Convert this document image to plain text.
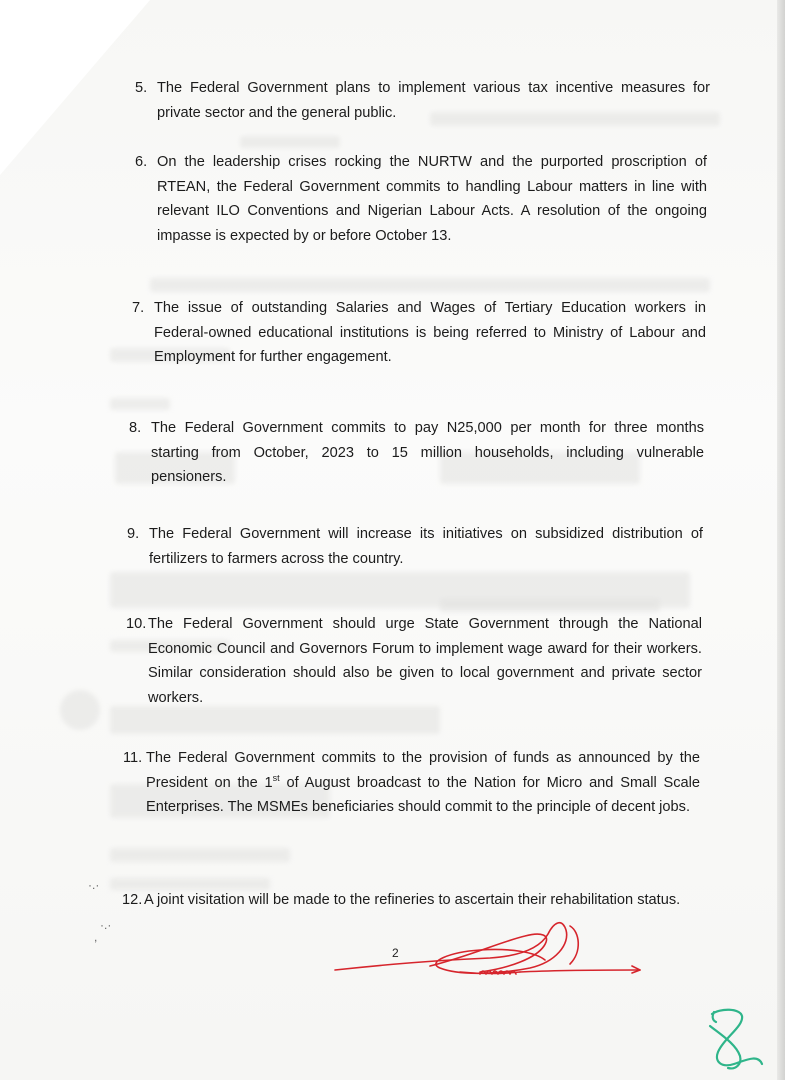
5. The Federal Government plans to implement various tax incentive measures for private sector and the general public.
6. On the leadership crises rocking the NURTW and the purported proscription of RTEAN, the Federal Government commits to handling Labour matters in line with relevant ILO Conventions and Nigerian Labour Acts. A resolution of the ongoing impasse is expected by or before October 13.
7. The issue of outstanding Salaries and Wages of Tertiary Education workers in Federal-owned educational institutions is being referred to Ministry of Labour and Employment for further engagement.
8. The Federal Government commits to pay N25,000 per month for three months starting from October, 2023 to 15 million households, including vulnerable pensioners.
9. The Federal Government will increase its initiatives on subsidized distribution of fertilizers to farmers across the country.
10. The Federal Government should urge State Government through the National Economic Council and Governors Forum to implement wage award for their workers. Similar consideration should also be given to local government and private sector workers.
11. The Federal Government commits to the provision of funds as announced by the President on the 1st of August broadcast to the Nation for Micro and Small Scale Enterprises. The MSMEs beneficiaries should commit to the principle of decent jobs.
12. A joint visitation will be made to the refineries to ascertain their rehabilitation status.
·.·
·.·
,
2
